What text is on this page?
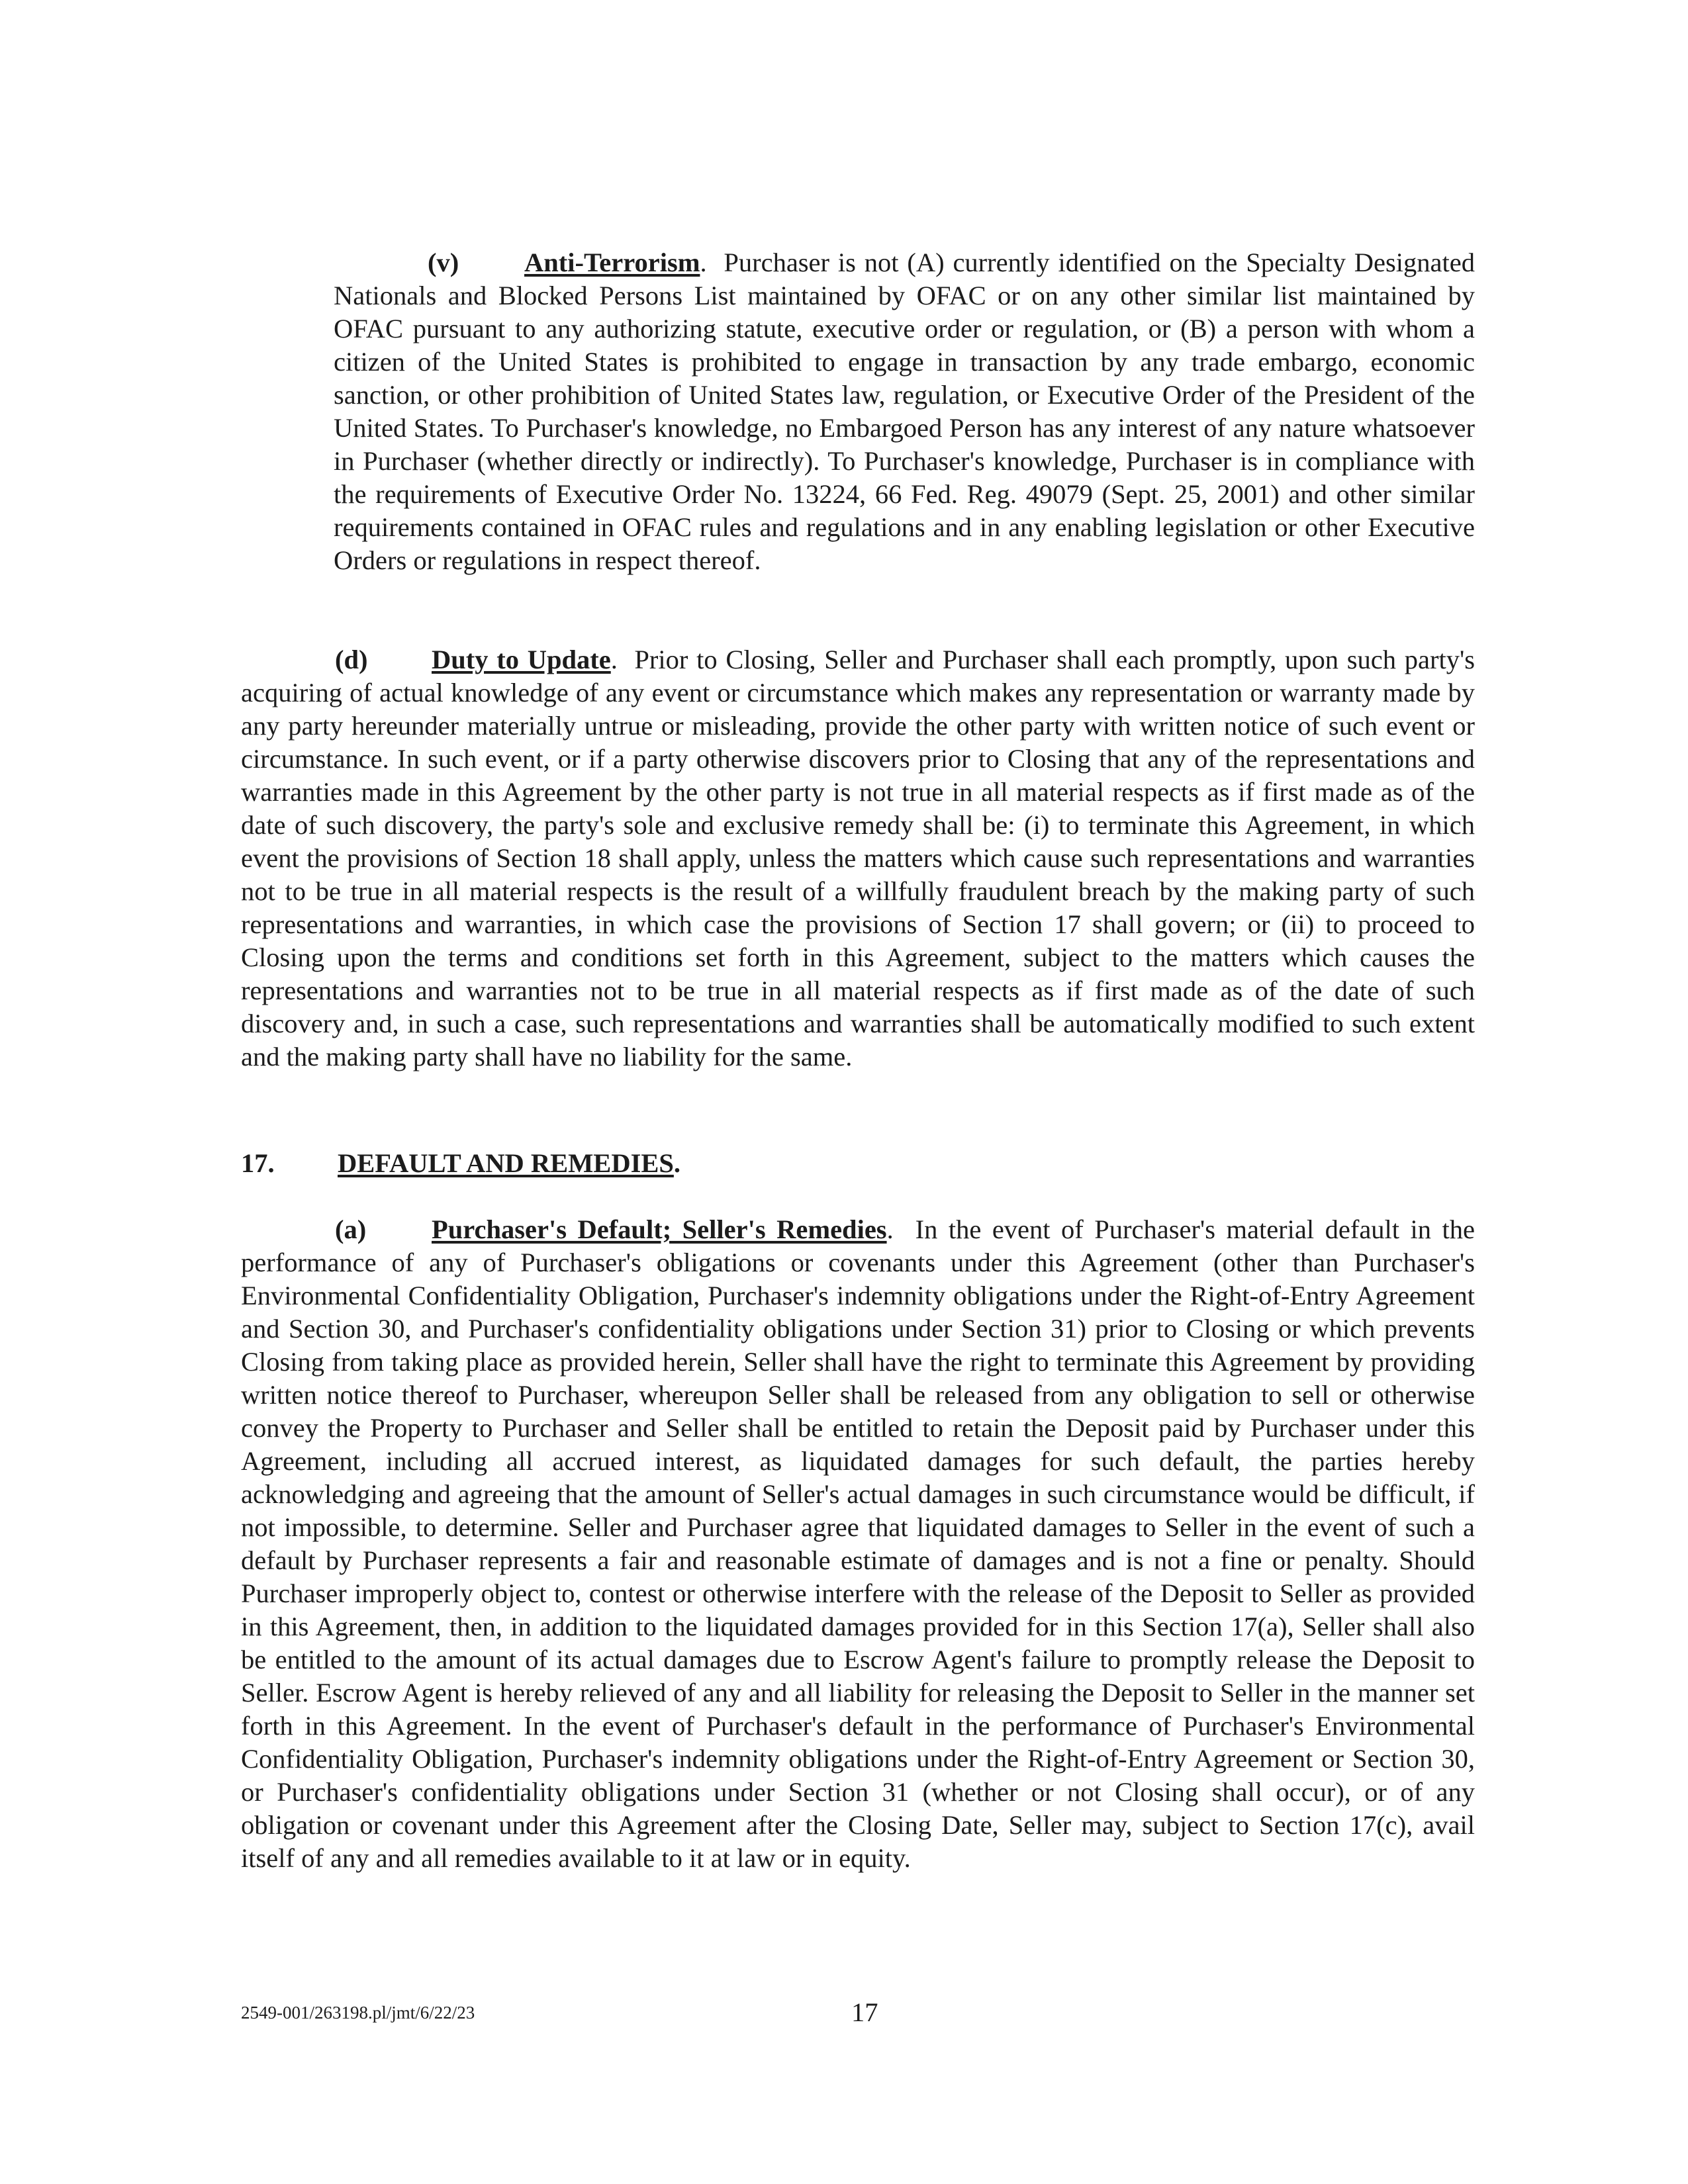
(v) Anti-Terrorism.  Purchaser is not (A) currently identified on the Specialty Designated Nationals and Blocked Persons List maintained by OFAC or on any other similar list maintained by OFAC pursuant to any authorizing statute, executive order or regulation, or (B) a person with whom a citizen of the United States is prohibited to engage in transaction by any trade embargo, economic sanction, or other prohibition of United States law, regulation, or Executive Order of the President of the United States. To Purchaser's knowledge, no Embargoed Person has any interest of any nature whatsoever in Purchaser (whether directly or indirectly). To Purchaser's knowledge, Purchaser is in compliance with the requirements of Executive Order No. 13224, 66 Fed. Reg. 49079 (Sept. 25, 2001) and other similar requirements contained in OFAC rules and regulations and in any enabling legislation or other Executive Orders or regulations in respect thereof.

(d) Duty to Update.  Prior to Closing, Seller and Purchaser shall each promptly, upon such party's acquiring of actual knowledge of any event or circumstance which makes any representation or warranty made by any party hereunder materially untrue or misleading, provide the other party with written notice of such event or circumstance. In such event, or if a party otherwise discovers prior to Closing that any of the representations and warranties made in this Agreement by the other party is not true in all material respects as if first made as of the date of such discovery, the party's sole and exclusive remedy shall be: (i) to terminate this Agreement, in which event the provisions of Section 18 shall apply, unless the matters which cause such representations and warranties not to be true in all material respects is the result of a willfully fraudulent breach by the making party of such representations and warranties, in which case the provisions of Section 17 shall govern; or (ii) to proceed to Closing upon the terms and conditions set forth in this Agreement, subject to the matters which causes the representations and warranties not to be true in all material respects as if first made as of the date of such discovery and, in such a case, such representations and warranties shall be automatically modified to such extent and the making party shall have no liability for the same.

17. DEFAULT AND REMEDIES.

(a) Purchaser's Default; Seller's Remedies.  In the event of Purchaser's material default in the performance of any of Purchaser's obligations or covenants under this Agreement (other than Purchaser's Environmental Confidentiality Obligation, Purchaser's indemnity obligations under the Right-of-Entry Agreement and Section 30, and Purchaser's confidentiality obligations under Section 31) prior to Closing or which prevents Closing from taking place as provided herein, Seller shall have the right to terminate this Agreement by providing written notice thereof to Purchaser, whereupon Seller shall be released from any obligation to sell or otherwise convey the Property to Purchaser and Seller shall be entitled to retain the Deposit paid by Purchaser under this Agreement, including all accrued interest, as liquidated damages for such default, the parties hereby acknowledging and agreeing that the amount of Seller's actual damages in such circumstance would be difficult, if not impossible, to determine. Seller and Purchaser agree that liquidated damages to Seller in the event of such a default by Purchaser represents a fair and reasonable estimate of damages and is not a fine or penalty. Should Purchaser improperly object to, contest or otherwise interfere with the release of the Deposit to Seller as provided in this Agreement, then, in addition to the liquidated damages provided for in this Section 17(a), Seller shall also be entitled to the amount of its actual damages due to Escrow Agent's failure to promptly release the Deposit to Seller. Escrow Agent is hereby relieved of any and all liability for releasing the Deposit to Seller in the manner set forth in this Agreement. In the event of Purchaser's default in the performance of Purchaser's Environmental Confidentiality Obligation, Purchaser's indemnity obligations under the Right-of-Entry Agreement or Section 30, or Purchaser's confidentiality obligations under Section 31 (whether or not Closing shall occur), or of any obligation or covenant under this Agreement after the Closing Date, Seller may, subject to Section 17(c), avail itself of any and all remedies available to it at law or in equity.

2549-001/263198.pl/jmt/6/22/23	17
